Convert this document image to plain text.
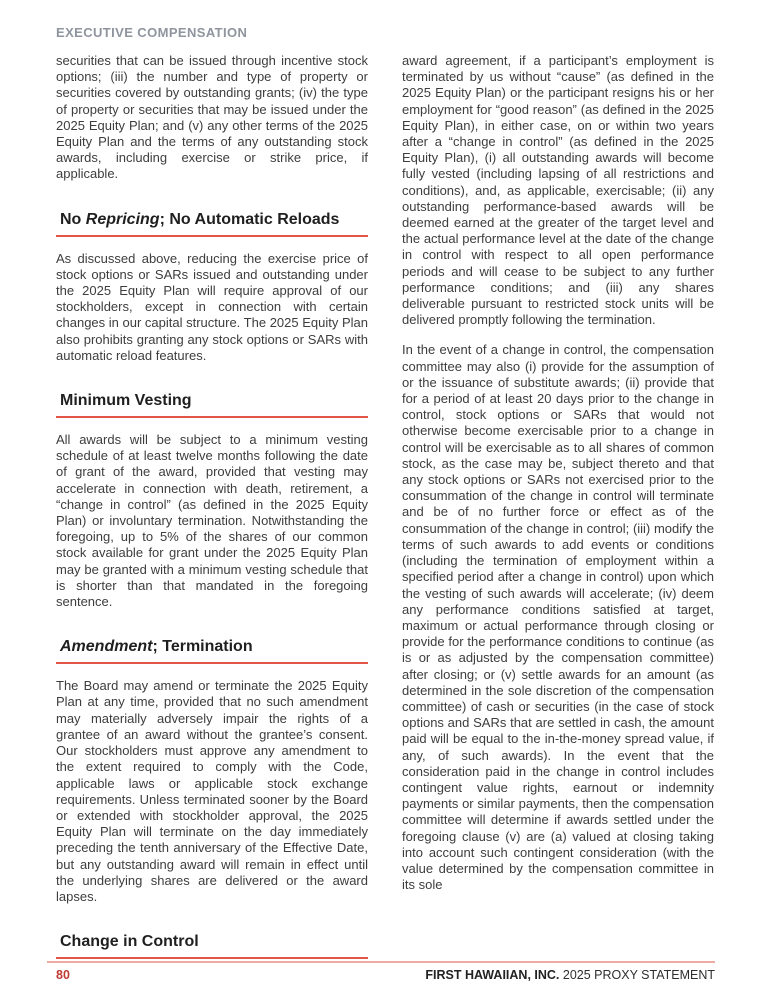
EXECUTIVE COMPENSATION

securities that can be issued through incentive stock options; (iii) the number and type of property or securities covered by outstanding grants; (iv) the type of property or securities that may be issued under the 2025 Equity Plan; and (v) any other terms of the 2025 Equity Plan and the terms of any outstanding stock awards, including exercise or strike price, if applicable.

No Repricing; No Automatic Reloads

As discussed above, reducing the exercise price of stock options or SARs issued and outstanding under the 2025 Equity Plan will require approval of our stockholders, except in connection with certain changes in our capital structure. The 2025 Equity Plan also prohibits granting any stock options or SARs with automatic reload features.

Minimum Vesting

All awards will be subject to a minimum vesting schedule of at least twelve months following the date of grant of the award, provided that vesting may accelerate in connection with death, retirement, a “change in control” (as defined in the 2025 Equity Plan) or involuntary termination. Notwithstanding the foregoing, up to 5% of the shares of our common stock available for grant under the 2025 Equity Plan may be granted with a minimum vesting schedule that is shorter than that mandated in the foregoing sentence.

Amendment; Termination

The Board may amend or terminate the 2025 Equity Plan at any time, provided that no such amendment may materially adversely impair the rights of a grantee of an award without the grantee’s consent. Our stockholders must approve any amendment to the extent required to comply with the Code, applicable laws or applicable stock exchange requirements. Unless terminated sooner by the Board or extended with stockholder approval, the 2025 Equity Plan will terminate on the day immediately preceding the tenth anniversary of the Effective Date, but any outstanding award will remain in effect until the underlying shares are delivered or the award lapses.

Change in Control

award agreement, if a participant’s employment is terminated by us without “cause” (as defined in the 2025 Equity Plan) or the participant resigns his or her employment for “good reason” (as defined in the 2025 Equity Plan), in either case, on or within two years after a “change in control” (as defined in the 2025 Equity Plan), (i) all outstanding awards will become fully vested (including lapsing of all restrictions and conditions), and, as applicable, exercisable; (ii) any outstanding performance-based awards will be deemed earned at the greater of the target level and the actual performance level at the date of the change in control with respect to all open performance periods and will cease to be subject to any further performance conditions; and (iii) any shares deliverable pursuant to restricted stock units will be delivered promptly following the termination.

In the event of a change in control, the compensation committee may also (i) provide for the assumption of or the issuance of substitute awards; (ii) provide that for a period of at least 20 days prior to the change in control, stock options or SARs that would not otherwise become exercisable prior to a change in control will be exercisable as to all shares of common stock, as the case may be, subject thereto and that any stock options or SARs not exercised prior to the consummation of the change in control will terminate and be of no further force or effect as of the consummation of the change in control; (iii) modify the terms of such awards to add events or conditions (including the termination of employment within a specified period after a change in control) upon which the vesting of such awards will accelerate; (iv) deem any performance conditions satisfied at target, maximum or actual performance through closing or provide for the performance conditions to continue (as is or as adjusted by the compensation committee) after closing; or (v) settle awards for an amount (as determined in the sole discretion of the compensation committee) of cash or securities (in the case of stock options and SARs that are settled in cash, the amount paid will be equal to the in-the-money spread value, if any, of such awards). In the event that the consideration paid in the change in control includes contingent value rights, earnout or indemnity payments or similar payments, then the compensation committee will determine if awards settled under the foregoing clause (v) are (a) valued at closing taking into account such contingent consideration (with the value determined by the compensation committee in its sole

80	FIRST HAWAIIAN, INC. 2025 PROXY STATEMENT
